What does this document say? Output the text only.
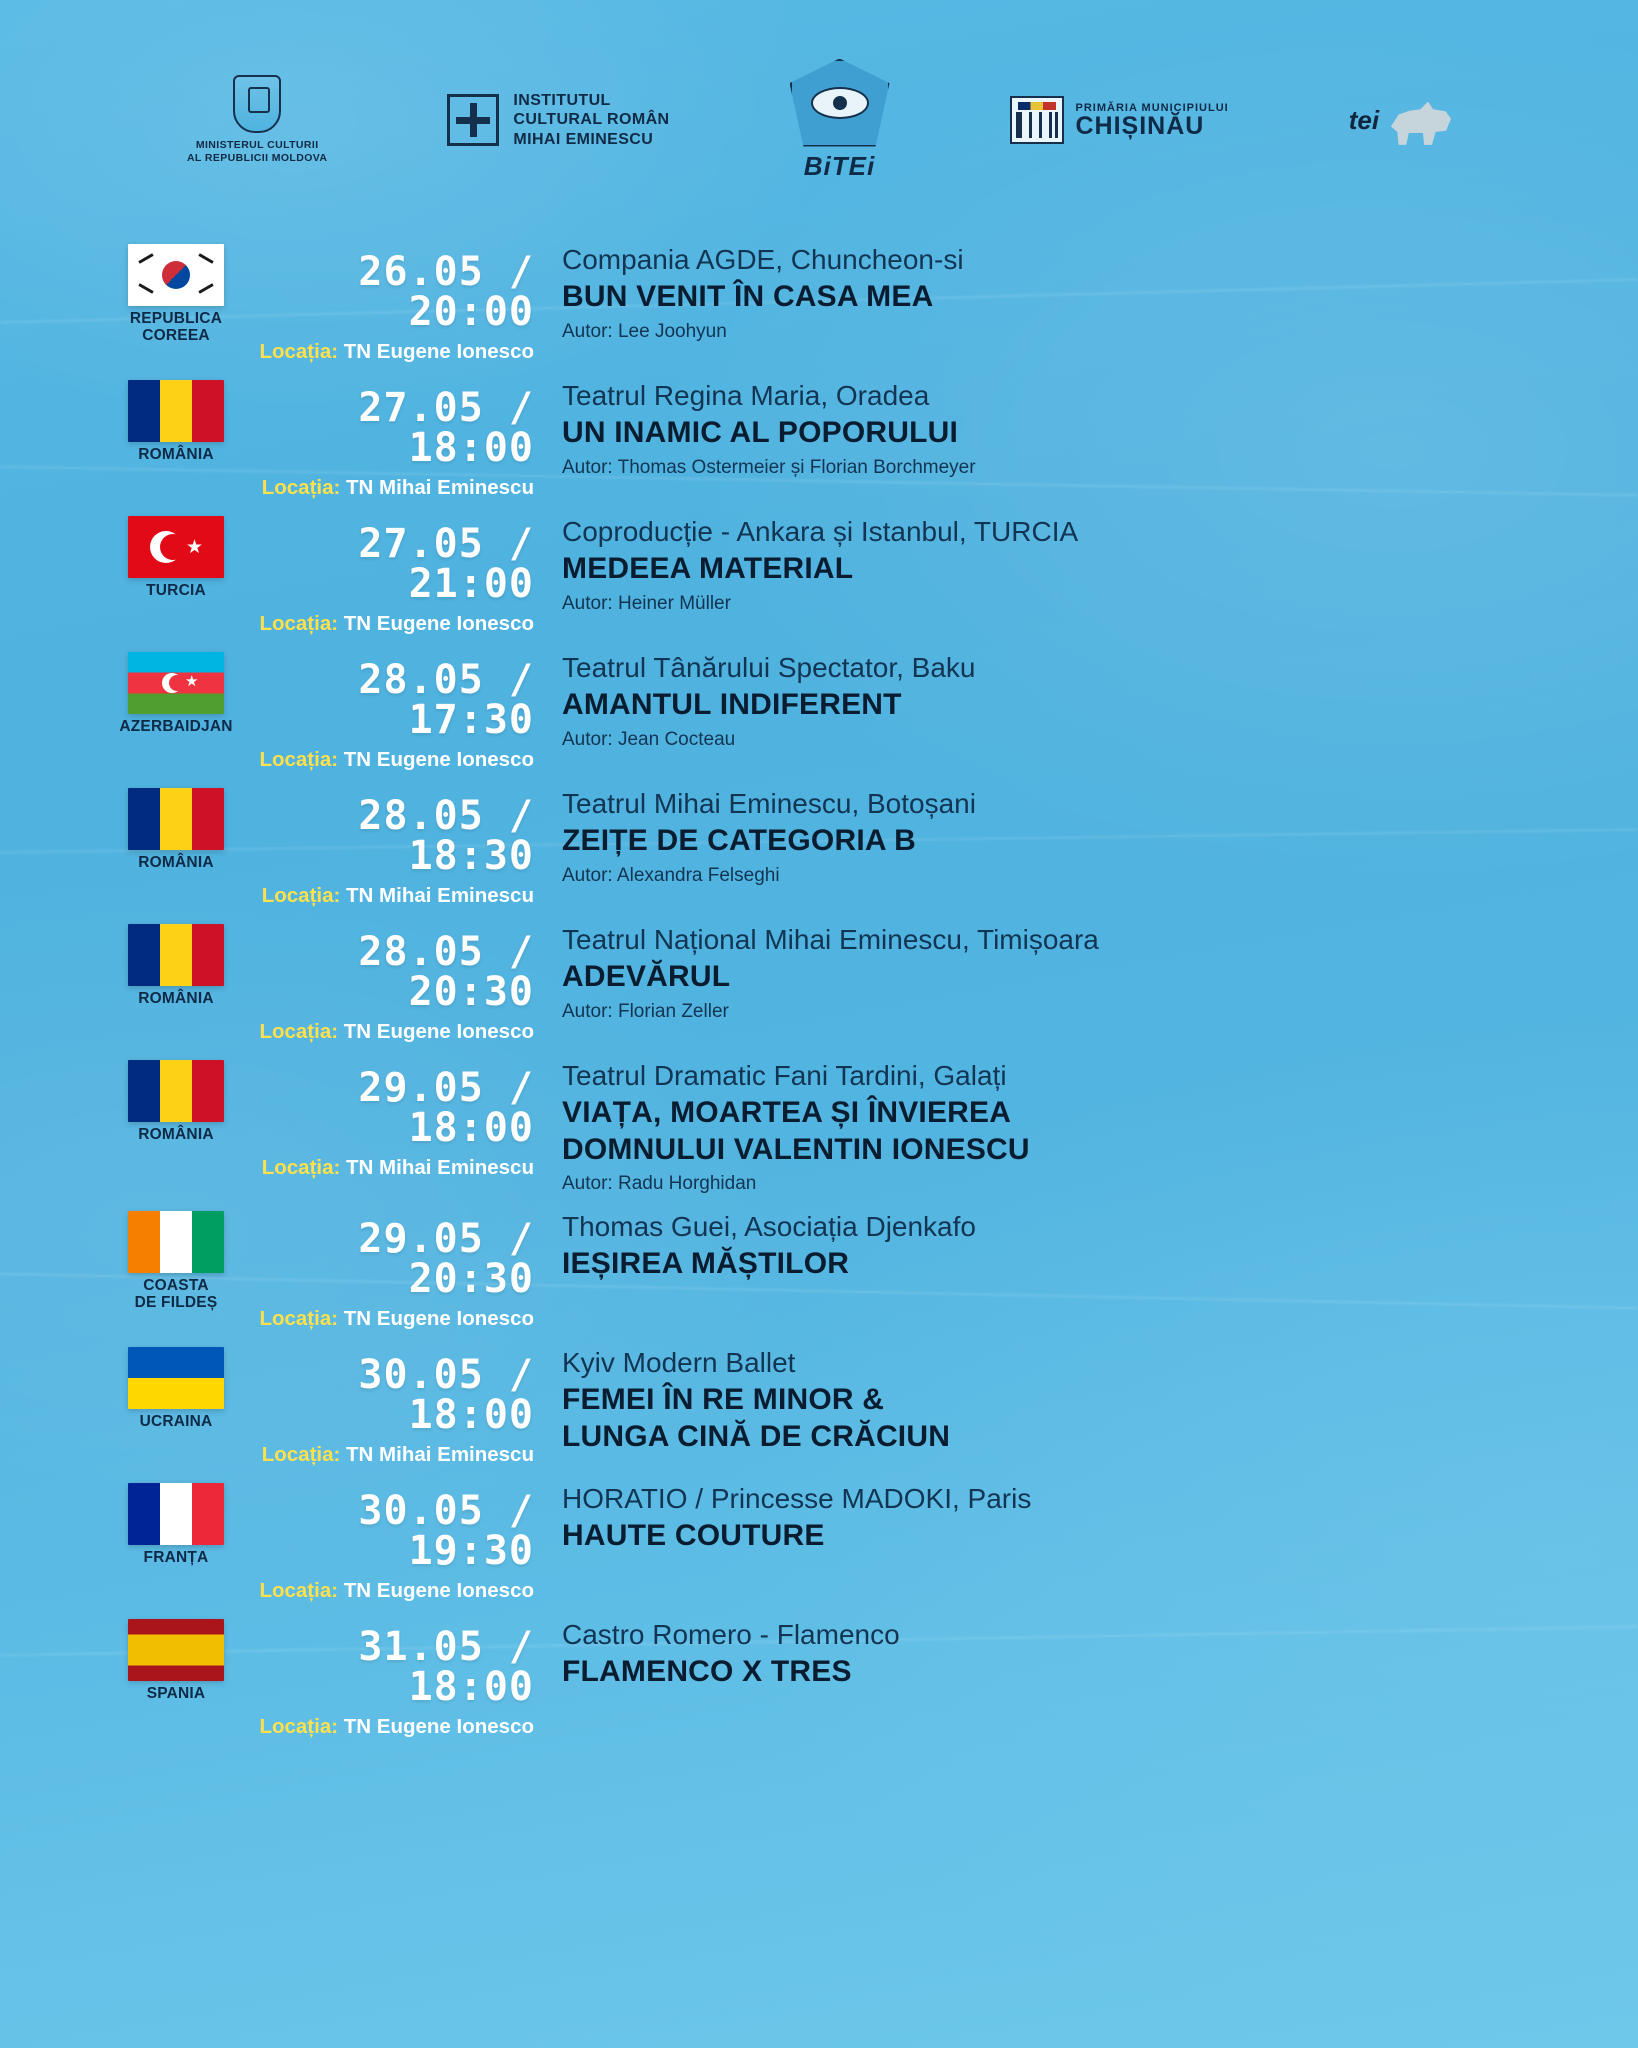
MINISTERUL CULTURII
AL REPUBLICII MOLDOVA
INSTITUTUL
CULTURAL ROMÂN
MIHAI EMINESCU
BiTEi
PRIMĂRIA MUNICIPIULUI
CHIȘINĂU	tei
REPUBLICA
COREEA
26.05 / 20:00
Locația: TN Eugene Ionesco
Compania AGDE, Chuncheon-si
BUN VENIT ÎN CASA MEA
Autor: Lee Joohyun
ROMÂNIA
27.05 / 18:00
Locația: TN Mihai Eminescu
Teatrul Regina Maria, Oradea
UN INAMIC AL POPORULUI
Autor: Thomas Ostermeier și Florian Borchmeyer
★
TURCIA
27.05 / 21:00
Locația: TN Eugene Ionesco
Coproducție - Ankara și Istanbul, TURCIA
MEDEEA MATERIAL
Autor: Heiner Müller
★
AZERBAIDJAN
28.05 / 17:30
Locația: TN Eugene Ionesco
Teatrul Tânărului Spectator, Baku
AMANTUL INDIFERENT
Autor: Jean Cocteau
ROMÂNIA
28.05 / 18:30
Locația: TN Mihai Eminescu
Teatrul Mihai Eminescu, Botoșani
ZEIȚE DE CATEGORIA B
Autor: Alexandra Felseghi
ROMÂNIA
28.05 / 20:30
Locația: TN Eugene Ionesco
Teatrul Național Mihai Eminescu, Timișoara
ADEVĂRUL
Autor: Florian Zeller
ROMÂNIA
29.05 / 18:00
Locația: TN Mihai Eminescu
Teatrul Dramatic Fani Tardini, Galați
VIAȚA, MOARTEA ȘI ÎNVIEREA
DOMNULUI VALENTIN IONESCU
Autor: Radu Horghidan
COASTA
DE FILDEȘ
29.05 / 20:30
Locația: TN Eugene Ionesco
Thomas Guei, Asociația Djenkafo
IEȘIREA MĂȘTILOR
UCRAINA
30.05 / 18:00
Locația: TN Mihai Eminescu
Kyiv Modern Ballet
FEMEI ÎN RE MINOR &
LUNGA CINĂ DE CRĂCIUN
FRANȚA
30.05 / 19:30
Locația: TN Eugene Ionesco
HORATIO / Princesse MADOKI, Paris
HAUTE COUTURE
SPANIA
31.05 / 18:00
Locația: TN Eugene Ionesco
Castro Romero - Flamenco
FLAMENCO X TRES
